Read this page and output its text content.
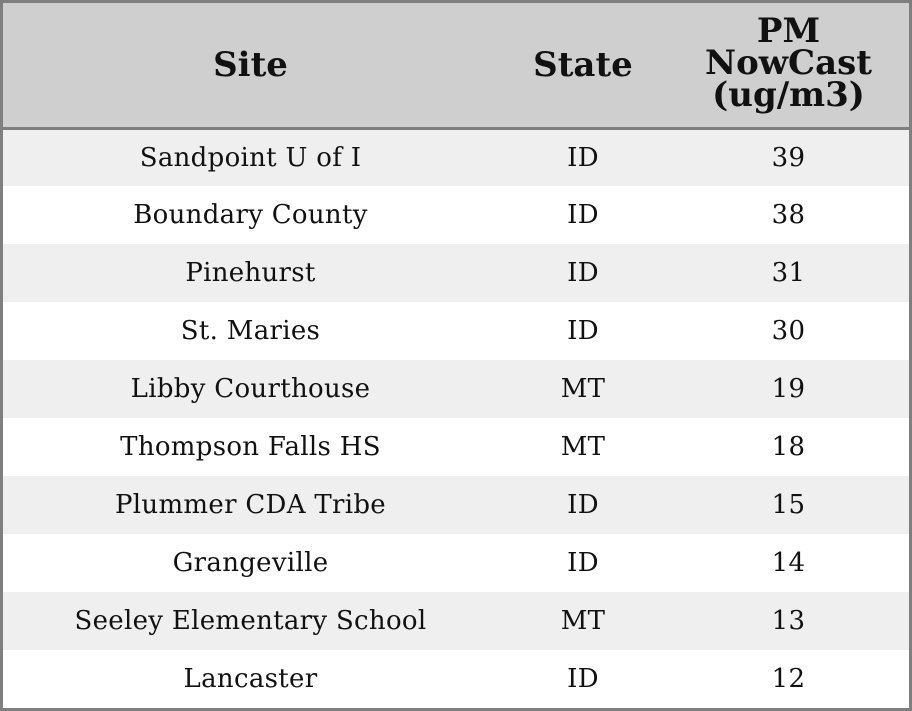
Site	State	PM NowCast (ug/m3)
Sandpoint U of I	ID	39
Boundary County	ID	38
Pinehurst	ID	31
St. Maries	ID	30
Libby Courthouse	MT	19
Thompson Falls HS	MT	18
Plummer CDA Tribe	ID	15
Grangeville	ID	14
Seeley Elementary School	MT	13
Lancaster	ID	12
